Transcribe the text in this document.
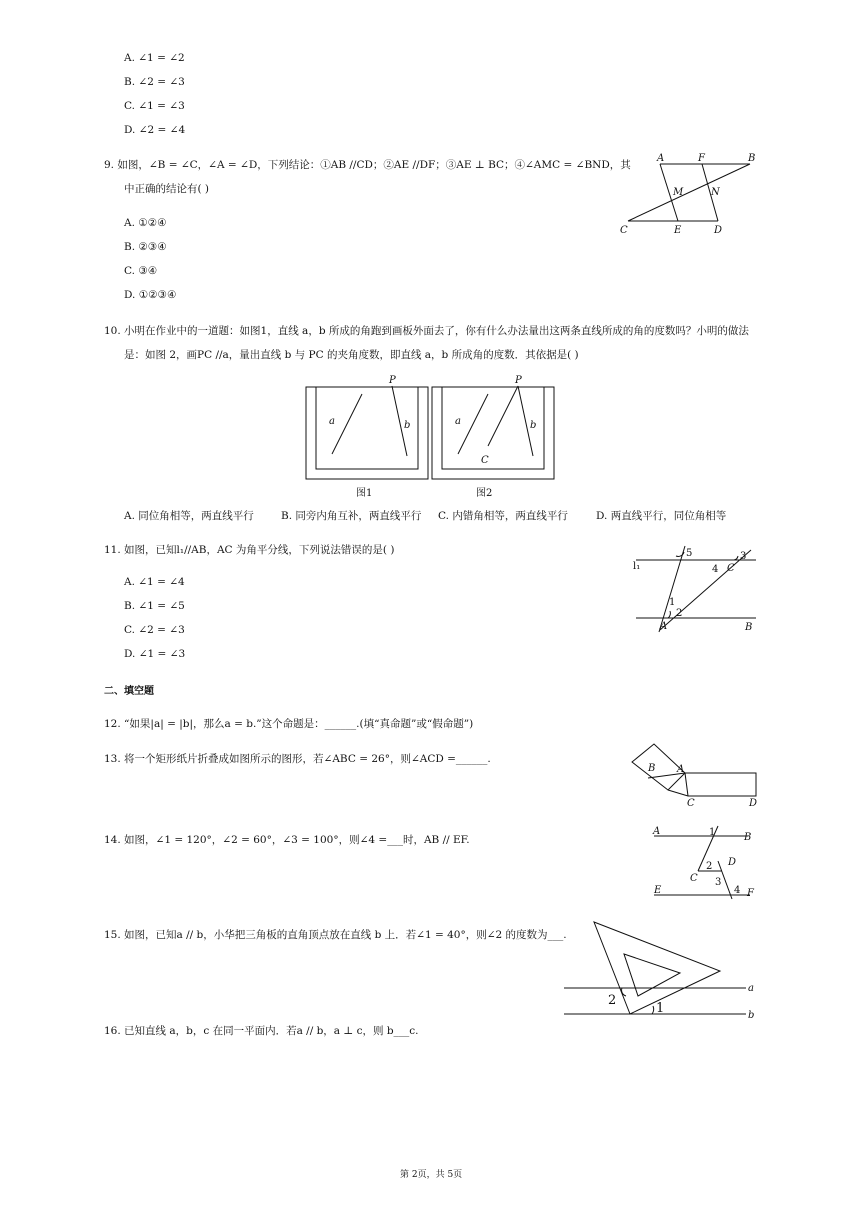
A. ∠1 = ∠2
B. ∠2 = ∠3
C. ∠1 = ∠3
D. ∠2 = ∠4
9. 如图，∠B = ∠C，∠A = ∠D，下列结论：①AB //CD；②AE //DF；③AE ⊥ BC；④∠AMC = ∠BND，其
中正确的结论有( )
A. ①②④
B. ②③④
C. ③④
D. ①②③④
A	F	B
M	N
C	E	D
10. 小明在作业中的一道题：如图1，直线 a，b 所成的角跑到画板外面去了，你有什么办法量出这两条直线所成的角的度数吗？小明的做法
是：如图 2，画PC //a，量出直线 b 与 PC 的夹角度数，即直线 a，b 所成角的度数．其依据是( )
P
a	b
图1
P
a	b
C
图2
A. 同位角相等，两直线平行	B. 同旁内角互补，两直线平行 C. 内错角相等，两直线平行	D. 两直线平行，同位角相等
11. 如图，已知l₁//AB，AC 为角平分线，下列说法错误的是( )
A. ∠1 = ∠4
B. ∠1 = ∠5
C. ∠2 = ∠3
D. ∠1 = ∠3
l₁
5	3
4 C
1
2
A	B
二、填空题
12. “如果|a| = |b|，那么a = b.”这个命题是：______.(填“真命题”或“假命题”)
13. 将一个矩形纸片折叠成如图所示的图形，若∠ABC = 26°，则∠ACD =______.
B A
C	D
14. 如图，∠1 = 120°，∠2 = 60°，∠3 = 100°，则∠4 =___时，AB // EF.
A
B
1
2 D
C 3
E	4 F
15. 如图，已知a // b，小华把三角板的直角顶点放在直线 b 上．若∠1 = 40°，则∠2 的度数为___.
a
b
1
2
16. 已知直线 a，b，c 在同一平面内．若a // b，a ⊥ c，则 b___c.
第 2页，共 5页
